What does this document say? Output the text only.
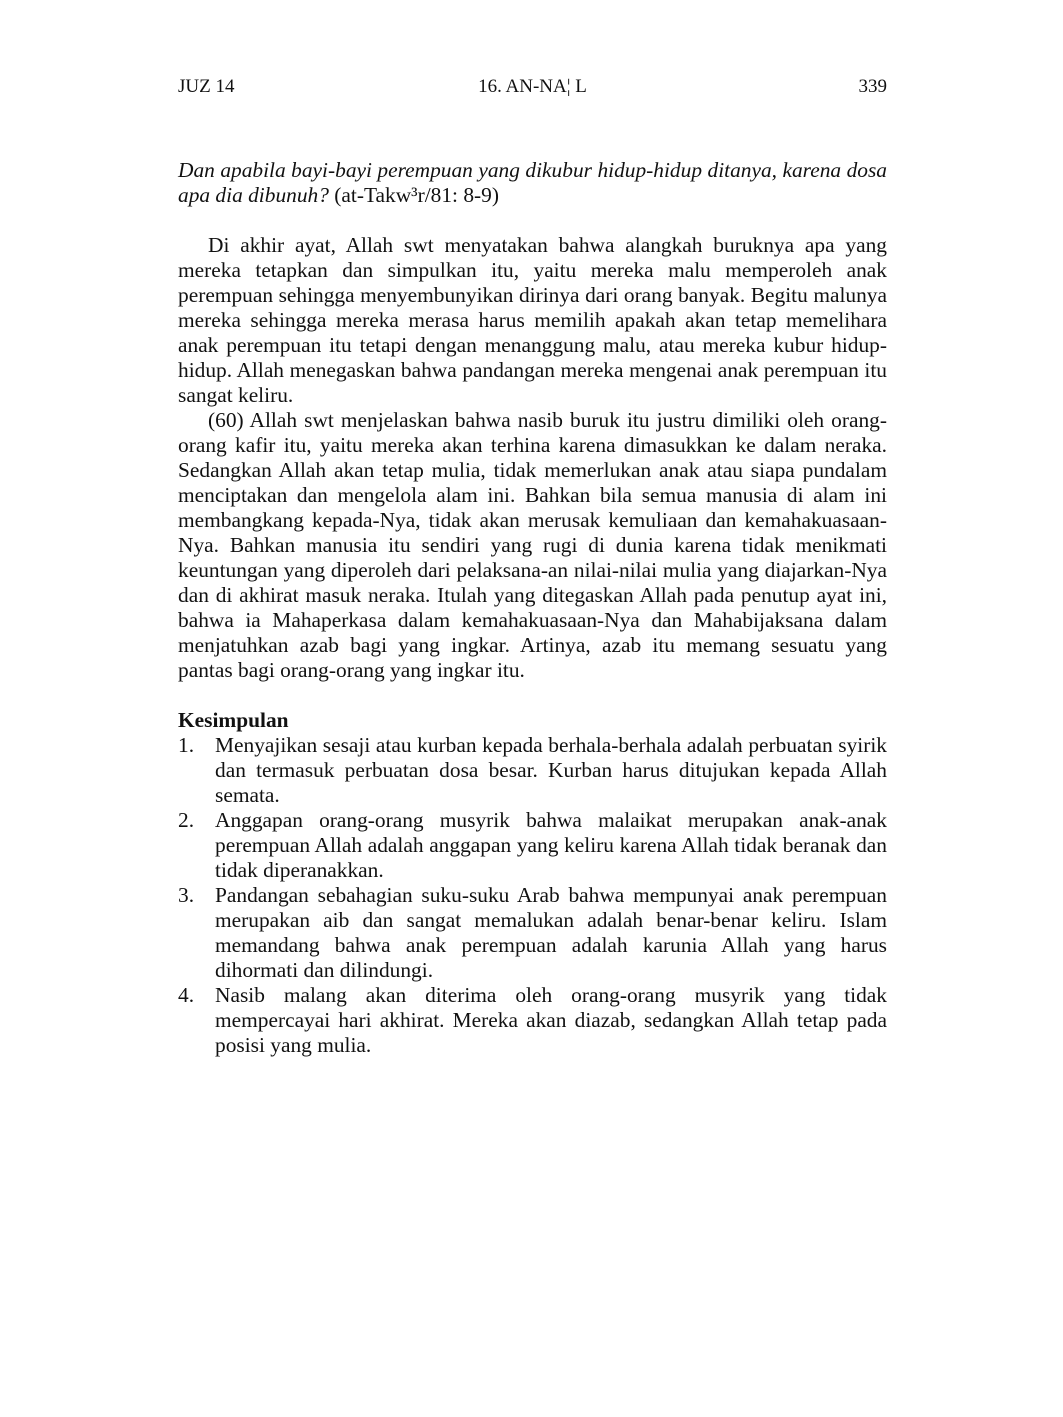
JUZ 14	16. AN-NA¦ L	339

Dan apabila bayi-bayi perempuan yang dikubur hidup-hidup ditanya, karena dosa apa dia dibunuh? (at-Takw³r/81: 8-9)

Di akhir ayat, Allah swt menyatakan bahwa alangkah buruknya apa yang mereka tetapkan dan simpulkan itu, yaitu mereka malu memperoleh anak perempuan sehingga menyembunyikan dirinya dari orang banyak. Begitu malunya mereka sehingga mereka merasa harus memilih apakah akan tetap memelihara anak perempuan itu tetapi dengan menanggung malu, atau mereka kubur hidup-hidup. Allah menegaskan bahwa pandangan mereka mengenai anak perempuan itu sangat keliru.

(60) Allah swt menjelaskan bahwa nasib buruk itu justru dimiliki oleh orang-orang kafir itu, yaitu mereka akan terhina karena dimasukkan ke dalam neraka. Sedangkan Allah akan tetap mulia, tidak memerlukan anak atau siapa pundalam menciptakan dan mengelola alam ini. Bahkan bila semua manusia di alam ini membangkang kepada-Nya, tidak akan merusak kemuliaan dan kemahakuasaan-Nya. Bahkan manusia itu sendiri yang rugi di dunia karena tidak menikmati keuntungan yang diperoleh dari pelaksana-an nilai-nilai mulia yang diajarkan-Nya dan di akhirat masuk neraka. Itulah yang ditegaskan Allah pada penutup ayat ini, bahwa ia Mahaperkasa dalam kemahakuasaan-Nya dan Mahabijaksana dalam menjatuhkan azab bagi yang ingkar. Artinya, azab itu memang sesuatu yang pantas bagi orang-orang yang ingkar itu.

Kesimpulan
1. Menyajikan sesaji atau kurban kepada berhala-berhala adalah perbuatan syirik dan termasuk perbuatan dosa besar. Kurban harus ditujukan kepada Allah semata.
2. Anggapan orang-orang musyrik bahwa malaikat merupakan anak-anak perempuan Allah adalah anggapan yang keliru karena Allah tidak beranak dan tidak diperanakkan.
3. Pandangan sebahagian suku-suku Arab bahwa mempunyai anak perempuan merupakan aib dan sangat memalukan adalah benar-benar keliru. Islam memandang bahwa anak perempuan adalah karunia Allah yang harus dihormati dan dilindungi.
4. Nasib malang akan diterima oleh orang-orang musyrik yang tidak mempercayai hari akhirat. Mereka akan diazab, sedangkan Allah tetap pada posisi yang mulia.
